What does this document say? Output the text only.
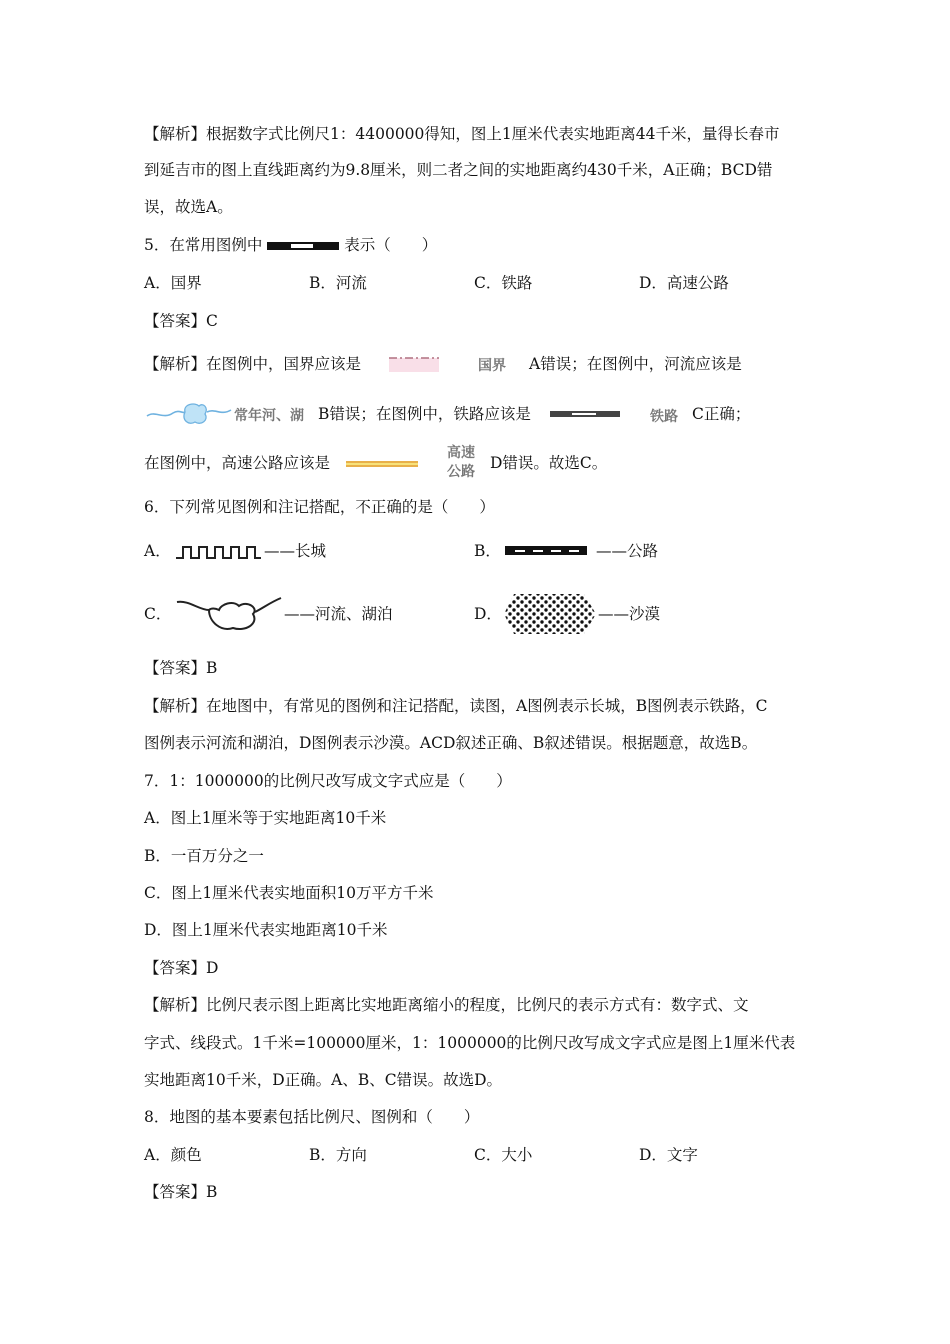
【解析】根据数字式比例尺1：4400000得知，图上1厘米代表实地距离44千米，量得长春市
到延吉市的图上直线距离约为9.8厘米，则二者之间的实地距离约430千米，A正确；BCD错
误，故选A。
5．在常用图例中	表示（　　）
A．国界	B．河流	C．铁路	D．高速公路
【答案】C
【解析】在图例中，国界应该是	国界 A错误；在图例中，河流应该是
常年河、湖 B错误；在图例中，铁路应该是	铁路 C正确；
在图例中，高速公路应该是
高速
公路 D错误。故选C。
6．下列常见图例和注记搭配，不正确的是（　　）
A．	——长城	B．	——公路
C．	——河流、湖泊	D．	——沙漠
【答案】B
【解析】在地图中，有常见的图例和注记搭配，读图，A图例表示长城，B图例表示铁路，C
图例表示河流和湖泊，D图例表示沙漠。ACD叙述正确、B叙述错误。根据题意，故选B。
7．1：1000000的比例尺改写成文字式应是（　　）
A．图上1厘米等于实地距离10千米
B．一百万分之一
C．图上1厘米代表实地面积10万平方千米
D．图上1厘米代表实地距离10千米
【答案】D
【解析】比例尺表示图上距离比实地距离缩小的程度，比例尺的表示方式有：数字式、文
字式、线段式。1千米=100000厘米，1：1000000的比例尺改写成文字式应是图上1厘米代表
实地距离10千米，D正确。A、B、C错误。故选D。
8．地图的基本要素包括比例尺、图例和（　　）
A．颜色	B．方向	C．大小	D．文字
【答案】B
